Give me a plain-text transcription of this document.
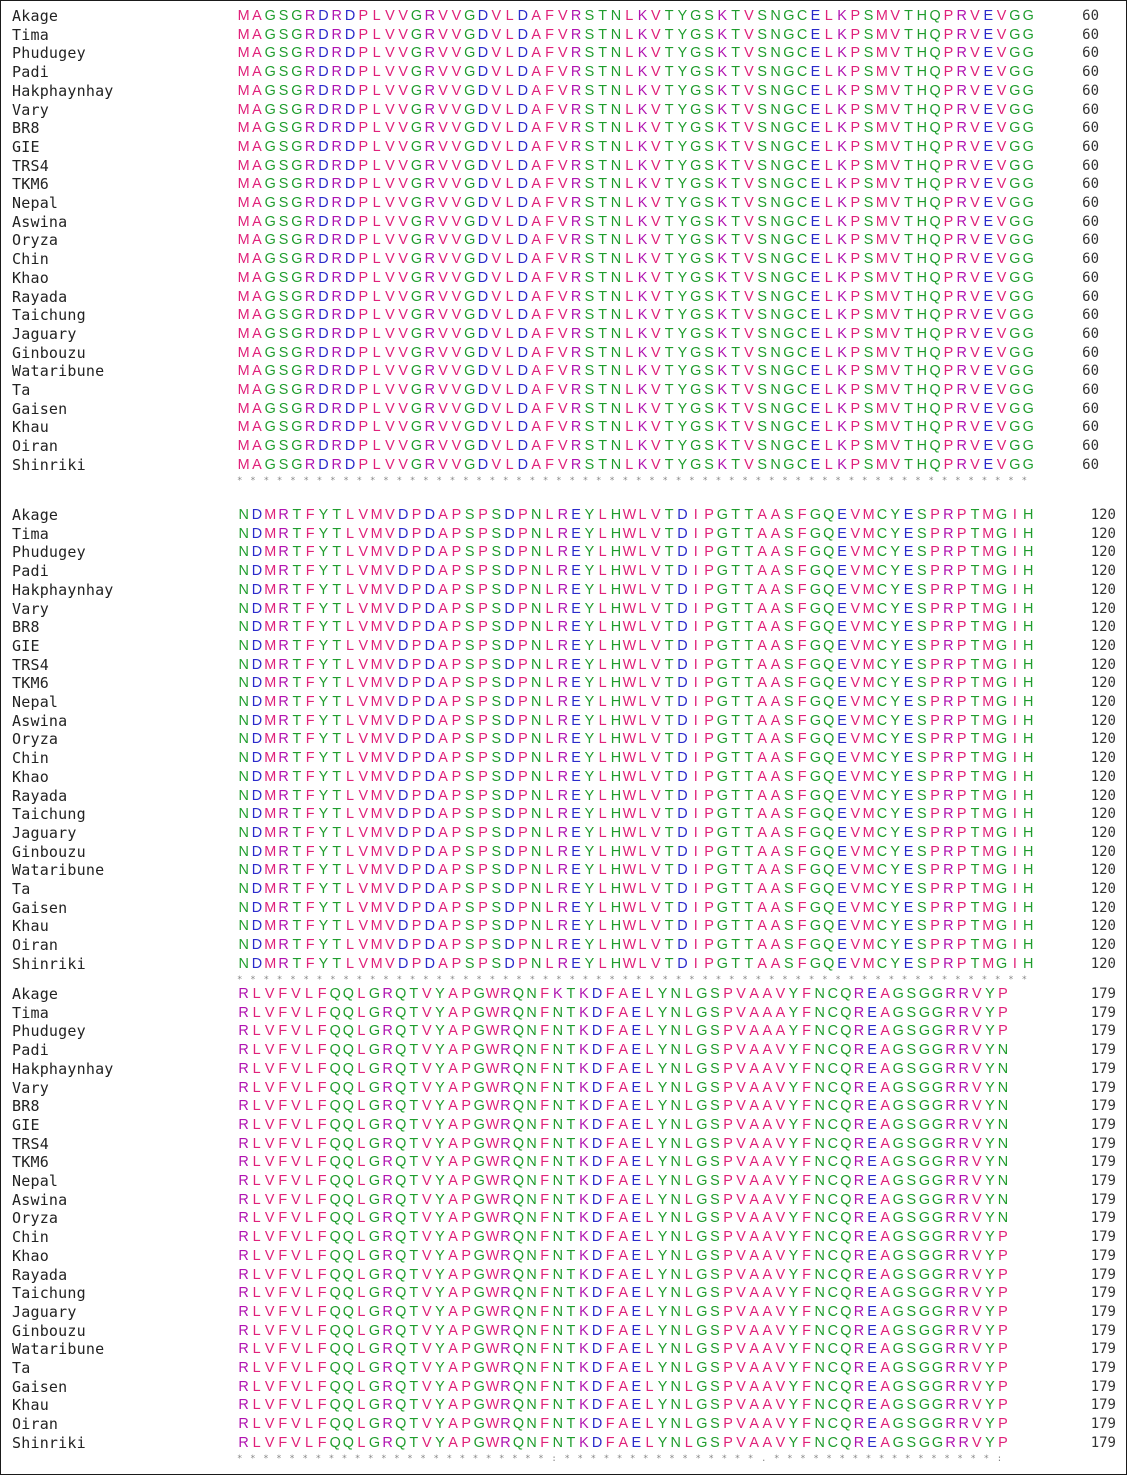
Akage	M A G S G R D R D P L V V G R V V G D V L D A F V R S T N L K V T Y G S K T V S N G C E L K P S M V T H Q P R V E V G G	60
Tima	M A G S G R D R D P L V V G R V V G D V L D A F V R S T N L K V T Y G S K T V S N G C E L K P S M V T H Q P R V E V G G	60
Phudugey	M A G S G R D R D P L V V G R V V G D V L D A F V R S T N L K V T Y G S K T V S N G C E L K P S M V T H Q P R V E V G G	60
Padi	M A G S G R D R D P L V V G R V V G D V L D A F V R S T N L K V T Y G S K T V S N G C E L K P S M V T H Q P R V E V G G	60
Hakphaynhay	M A G S G R D R D P L V V G R V V G D V L D A F V R S T N L K V T Y G S K T V S N G C E L K P S M V T H Q P R V E V G G	60
Vary	M A G S G R D R D P L V V G R V V G D V L D A F V R S T N L K V T Y G S K T V S N G C E L K P S M V T H Q P R V E V G G	60
BR8	M A G S G R D R D P L V V G R V V G D V L D A F V R S T N L K V T Y G S K T V S N G C E L K P S M V T H Q P R V E V G G	60
GIE	M A G S G R D R D P L V V G R V V G D V L D A F V R S T N L K V T Y G S K T V S N G C E L K P S M V T H Q P R V E V G G	60
TRS4	M A G S G R D R D P L V V G R V V G D V L D A F V R S T N L K V T Y G S K T V S N G C E L K P S M V T H Q P R V E V G G	60
TKM6	M A G S G R D R D P L V V G R V V G D V L D A F V R S T N L K V T Y G S K T V S N G C E L K P S M V T H Q P R V E V G G	60
Nepal	M A G S G R D R D P L V V G R V V G D V L D A F V R S T N L K V T Y G S K T V S N G C E L K P S M V T H Q P R V E V G G	60
Aswina	M A G S G R D R D P L V V G R V V G D V L D A F V R S T N L K V T Y G S K T V S N G C E L K P S M V T H Q P R V E V G G	60
Oryza	M A G S G R D R D P L V V G R V V G D V L D A F V R S T N L K V T Y G S K T V S N G C E L K P S M V T H Q P R V E V G G	60
Chin	M A G S G R D R D P L V V G R V V G D V L D A F V R S T N L K V T Y G S K T V S N G C E L K P S M V T H Q P R V E V G G	60
Khao	M A G S G R D R D P L V V G R V V G D V L D A F V R S T N L K V T Y G S K T V S N G C E L K P S M V T H Q P R V E V G G	60
Rayada	M A G S G R D R D P L V V G R V V G D V L D A F V R S T N L K V T Y G S K T V S N G C E L K P S M V T H Q P R V E V G G	60
Taichung	M A G S G R D R D P L V V G R V V G D V L D A F V R S T N L K V T Y G S K T V S N G C E L K P S M V T H Q P R V E V G G	60
Jaguary	M A G S G R D R D P L V V G R V V G D V L D A F V R S T N L K V T Y G S K T V S N G C E L K P S M V T H Q P R V E V G G	60
Ginbouzu	M A G S G R D R D P L V V G R V V G D V L D A F V R S T N L K V T Y G S K T V S N G C E L K P S M V T H Q P R V E V G G	60
Wataribune	M A G S G R D R D P L V V G R V V G D V L D A F V R S T N L K V T Y G S K T V S N G C E L K P S M V T H Q P R V E V G G	60
Ta	M A G S G R D R D P L V V G R V V G D V L D A F V R S T N L K V T Y G S K T V S N G C E L K P S M V T H Q P R V E V G G	60
Gaisen	M A G S G R D R D P L V V G R V V G D V L D A F V R S T N L K V T Y G S K T V S N G C E L K P S M V T H Q P R V E V G G	60
Khau	M A G S G R D R D P L V V G R V V G D V L D A F V R S T N L K V T Y G S K T V S N G C E L K P S M V T H Q P R V E V G G	60
Oiran	M A G S G R D R D P L V V G R V V G D V L D A F V R S T N L K V T Y G S K T V S N G C E L K P S M V T H Q P R V E V G G	60
Shinriki	M A G S G R D R D P L V V G R V V G D V L D A F V R S T N L K V T Y G S K T V S N G C E L K P S M V T H Q P R V E V G G	60
************************************************************
Akage	N D M R T F Y T L V M V D P D A P S P S D P N L R E Y L HW L V T D I P G T T A A S F G Q E V M C Y E S P R P T M G I H	120
Tima	N D M R T F Y T L V M V D P D A P S P S D P N L R E Y L HW L V T D I P G T T A A S F G Q E V M C Y E S P R P T M G I H	120
Phudugey	N D M R T F Y T L V M V D P D A P S P S D P N L R E Y L HW L V T D I P G T T A A S F G Q E V M C Y E S P R P T M G I H	120
Padi	N D M R T F Y T L V M V D P D A P S P S D P N L R E Y L HW L V T D I P G T T A A S F G Q E V M C Y E S P R P T M G I H	120
Hakphaynhay	N D M R T F Y T L V M V D P D A P S P S D P N L R E Y L HW L V T D I P G T T A A S F G Q E V M C Y E S P R P T M G I H	120
Vary	N D M R T F Y T L V M V D P D A P S P S D P N L R E Y L HW L V T D I P G T T A A S F G Q E V M C Y E S P R P T M G I H	120
BR8	N D M R T F Y T L V M V D P D A P S P S D P N L R E Y L HW L V T D I P G T T A A S F G Q E V M C Y E S P R P T M G I H	120
GIE	N D M R T F Y T L V M V D P D A P S P S D P N L R E Y L HW L V T D I P G T T A A S F G Q E V M C Y E S P R P T M G I H	120
TRS4	N D M R T F Y T L V M V D P D A P S P S D P N L R E Y L HW L V T D I P G T T A A S F G Q E V M C Y E S P R P T M G I H	120
TKM6	N D M R T F Y T L V M V D P D A P S P S D P N L R E Y L HW L V T D I P G T T A A S F G Q E V M C Y E S P R P T M G I H	120
Nepal	N D M R T F Y T L V M V D P D A P S P S D P N L R E Y L HW L V T D I P G T T A A S F G Q E V M C Y E S P R P T M G I H	120
Aswina	N D M R T F Y T L V M V D P D A P S P S D P N L R E Y L HW L V T D I P G T T A A S F G Q E V M C Y E S P R P T M G I H	120
Oryza	N D M R T F Y T L V M V D P D A P S P S D P N L R E Y L HW L V T D I P G T T A A S F G Q E V M C Y E S P R P T M G I H	120
Chin	N D M R T F Y T L V M V D P D A P S P S D P N L R E Y L HW L V T D I P G T T A A S F G Q E V M C Y E S P R P T M G I H	120
Khao	N D M R T F Y T L V M V D P D A P S P S D P N L R E Y L HW L V T D I P G T T A A S F G Q E V M C Y E S P R P T M G I H	120
Rayada	N D M R T F Y T L V M V D P D A P S P S D P N L R E Y L HW L V T D I P G T T A A S F G Q E V M C Y E S P R P T M G I H	120
Taichung	N D M R T F Y T L V M V D P D A P S P S D P N L R E Y L HW L V T D I P G T T A A S F G Q E V M C Y E S P R P T M G I H	120
Jaguary	N D M R T F Y T L V M V D P D A P S P S D P N L R E Y L HW L V T D I P G T T A A S F G Q E V M C Y E S P R P T M G I H	120
Ginbouzu	N D M R T F Y T L V M V D P D A P S P S D P N L R E Y L HW L V T D I P G T T A A S F G Q E V M C Y E S P R P T M G I H	120
Wataribune	N D M R T F Y T L V M V D P D A P S P S D P N L R E Y L HW L V T D I P G T T A A S F G Q E V M C Y E S P R P T M G I H	120
Ta	N D M R T F Y T L V M V D P D A P S P S D P N L R E Y L HW L V T D I P G T T A A S F G Q E V M C Y E S P R P T M G I H	120
Gaisen	N D M R T F Y T L V M V D P D A P S P S D P N L R E Y L HW L V T D I P G T T A A S F G Q E V M C Y E S P R P T M G I H	120
Khau	N D M R T F Y T L V M V D P D A P S P S D P N L R E Y L HW L V T D I P G T T A A S F G Q E V M C Y E S P R P T M G I H	120
Oiran	N D M R T F Y T L V M V D P D A P S P S D P N L R E Y L HW L V T D I P G T T A A S F G Q E V M C Y E S P R P T M G I H	120
Shinriki	N D M R T F Y T L V M V D P D A P S P S D P N L R E Y L HW L V T D I P G T T A A S F G Q E V M C Y E S P R P T M G I H	120
************************************************************
Akage	R L V F V L F Q Q L G R Q T V Y A P GWR Q N F K T K D F A E L Y N L G S P V A A V Y F N C Q R E A G S G G R R V Y P	179
Tima	R L V F V L F Q Q L G R Q T V Y A P GWR Q N F N T K D F A E L Y N L G S P V A A A Y F N C Q R E A G S G G R R V Y P	179
Phudugey	R L V F V L F Q Q L G R Q T V Y A P GWR Q N F N T K D F A E L Y N L G S P V A A A Y F N C Q R E A G S G G R R V Y P	179
Padi	R L V F V L F Q Q L G R Q T V Y A P GWR Q N F N T K D F A E L Y N L G S P V A A V Y F N C Q R E A G S G G R R V Y N	179
Hakphaynhay	R L V F V L F Q Q L G R Q T V Y A P GWR Q N F N T K D F A E L Y N L G S P V A A V Y F N C Q R E A G S G G R R V Y N	179
Vary	R L V F V L F Q Q L G R Q T V Y A P GWR Q N F N T K D F A E L Y N L G S P V A A V Y F N C Q R E A G S G G R R V Y N	179
BR8	R L V F V L F Q Q L G R Q T V Y A P GWR Q N F N T K D F A E L Y N L G S P V A A V Y F N C Q R E A G S G G R R V Y N	179
GIE	R L V F V L F Q Q L G R Q T V Y A P GWR Q N F N T K D F A E L Y N L G S P V A A V Y F N C Q R E A G S G G R R V Y N	179
TRS4	R L V F V L F Q Q L G R Q T V Y A P GWR Q N F N T K D F A E L Y N L G S P V A A V Y F N C Q R E A G S G G R R V Y N	179
TKM6	R L V F V L F Q Q L G R Q T V Y A P GWR Q N F N T K D F A E L Y N L G S P V A A V Y F N C Q R E A G S G G R R V Y N	179
Nepal	R L V F V L F Q Q L G R Q T V Y A P GWR Q N F N T K D F A E L Y N L G S P V A A V Y F N C Q R E A G S G G R R V Y N	179
Aswina	R L V F V L F Q Q L G R Q T V Y A P GWR Q N F N T K D F A E L Y N L G S P V A A V Y F N C Q R E A G S G G R R V Y N	179
Oryza	R L V F V L F Q Q L G R Q T V Y A P GWR Q N F N T K D F A E L Y N L G S P V A A V Y F N C Q R E A G S G G R R V Y N	179
Chin	R L V F V L F Q Q L G R Q T V Y A P GWR Q N F N T K D F A E L Y N L G S P V A A V Y F N C Q R E A G S G G R R V Y P	179
Khao	R L V F V L F Q Q L G R Q T V Y A P GWR Q N F N T K D F A E L Y N L G S P V A A V Y F N C Q R E A G S G G R R V Y P	179
Rayada	R L V F V L F Q Q L G R Q T V Y A P GWR Q N F N T K D F A E L Y N L G S P V A A V Y F N C Q R E A G S G G R R V Y P	179
Taichung	R L V F V L F Q Q L G R Q T V Y A P GWR Q N F N T K D F A E L Y N L G S P V A A V Y F N C Q R E A G S G G R R V Y P	179
Jaguary	R L V F V L F Q Q L G R Q T V Y A P GWR Q N F N T K D F A E L Y N L G S P V A A V Y F N C Q R E A G S G G R R V Y P	179
Ginbouzu	R L V F V L F Q Q L G R Q T V Y A P GWR Q N F N T K D F A E L Y N L G S P V A A V Y F N C Q R E A G S G G R R V Y P	179
Wataribune	R L V F V L F Q Q L G R Q T V Y A P GWR Q N F N T K D F A E L Y N L G S P V A A V Y F N C Q R E A G S G G R R V Y P	179
Ta	R L V F V L F Q Q L G R Q T V Y A P GWR Q N F N T K D F A E L Y N L G S P V A A V Y F N C Q R E A G S G G R R V Y P	179
Gaisen	R L V F V L F Q Q L G R Q T V Y A P GWR Q N F N T K D F A E L Y N L G S P V A A V Y F N C Q R E A G S G G R R V Y P	179
Khau	R L V F V L F Q Q L G R Q T V Y A P GWR Q N F N T K D F A E L Y N L G S P V A A V Y F N C Q R E A G S G G R R V Y P	179
Oiran	R L V F V L F Q Q L G R Q T V Y A P GWR Q N F N T K D F A E L Y N L G S P V A A V Y F N C Q R E A G S G G R R V Y P	179
Shinriki	R L V F V L F Q Q L G R Q T V Y A P GWR Q N F N T K D F A E L Y N L G S P V A A V Y F N C Q R E A G S G G R R V Y P	179
************************:***************.*****************:
